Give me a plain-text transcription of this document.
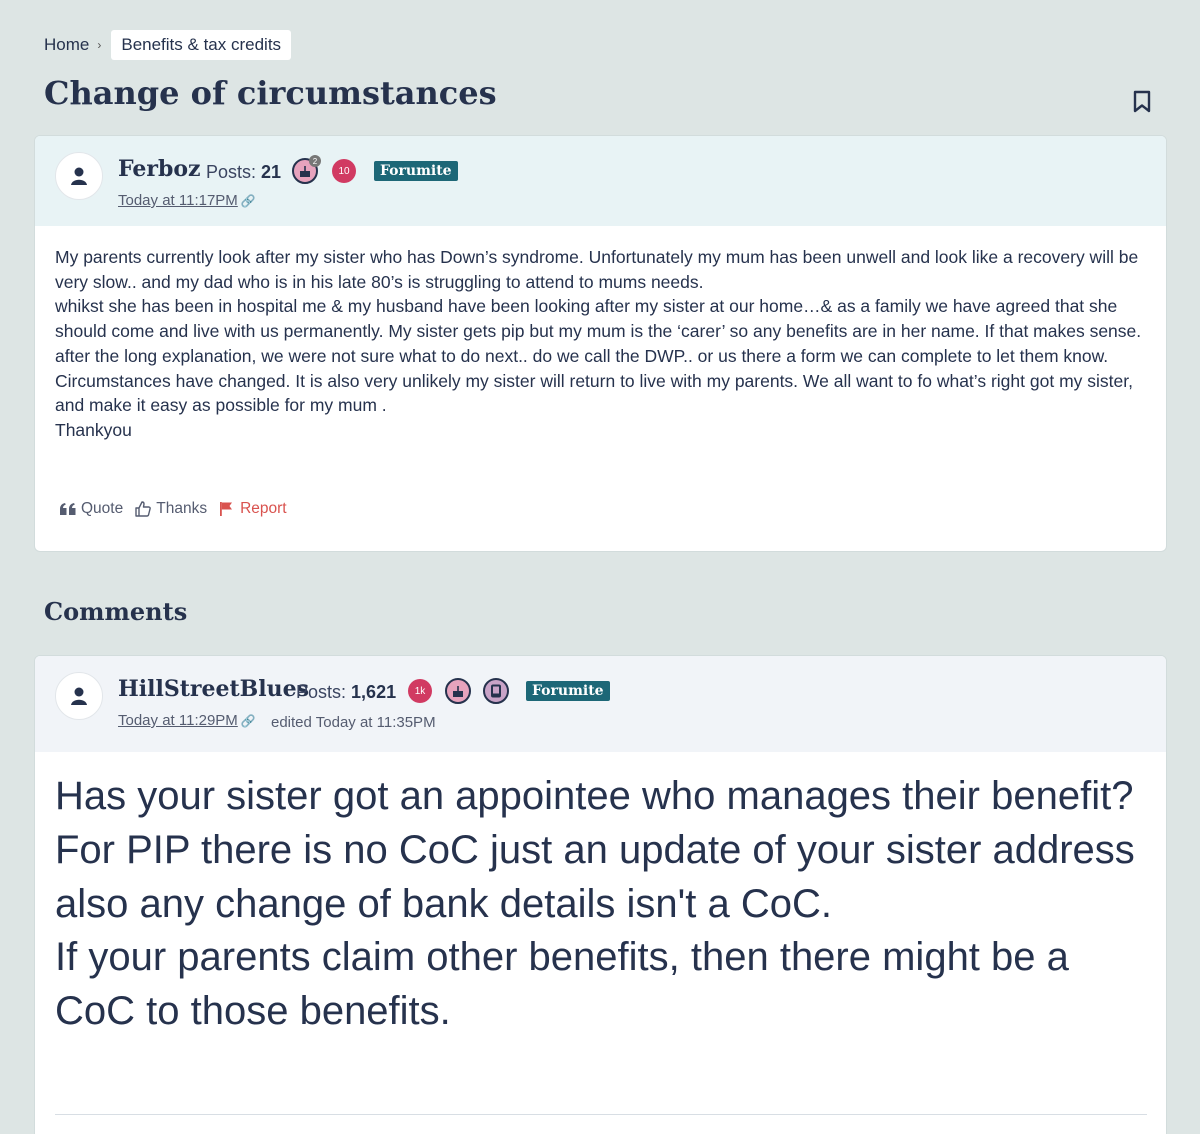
Home ›	Benefits & tax credits
Change of circumstances
Ferboz Posts: 21
2
10	Forumite
Today at 11:17PM 🔗

My parents currently look after my sister who has Down’s syndrome. Unfortunately my mum has been unwell and look like a recovery will be very slow.. and my dad who is in his late 80’s is struggling to attend to mums needs.

whikst she has been in hospital me & my husband have been looking after my sister at our home…& as a family we have agreed that she should come and live with us permanently. My sister gets pip but my mum is the ‘carer’ so any benefits are in her name. If that makes sense.

after the long explanation, we were not sure what to do next.. do we call the DWP.. or us there a form we can complete to let them know. Circumstances have changed. It is also very unlikely my sister will return to live with my parents. We all want to fo what’s right got my sister, and make it easy as possible for my mum .

Thankyou

Quote Thanks Report
Comments
HillStreetBlues
Posts: 1,621	1k	Forumite
Today at 11:29PM 🔗 edited Today at 11:35PM

Has your sister got an appointee who manages their benefit?

For PIP there is no CoC just an update of your sister address also any change of bank details isn't a CoC.

If your parents claim other benefits, then there might be a CoC to those benefits.
